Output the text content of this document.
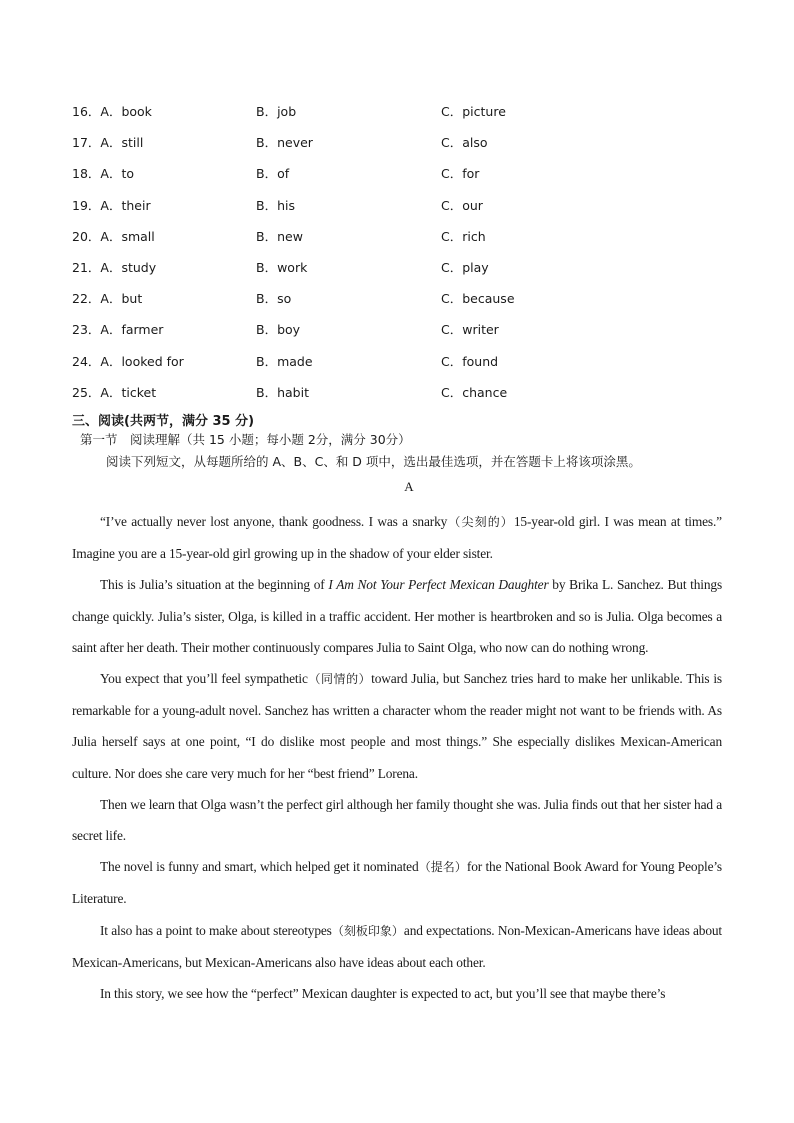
16．A．book	B．job	C．picture
17．A．still	B．never	C．also
18．A．to	B．of	C．for
19．A．their	B．his	C．our
20．A．small	B．new	C．rich
21．A．study	B．work	C．play
22．A．but	B．so	C．because
23．A．farmer	B．boy	C．writer
24．A．looked for	B．made	C．found
25．A．ticket	B．habit	C．chance
三、阅读(共两节，满分 35 分)
第一节　阅读理解（共 15 小题；每小题 2分，满分 30分）
阅读下列短文，从每题所给的 A、B、C、和 D 项中，选出最佳选项，并在答题卡上将该项涂黑。
A

“I’ve actually never lost anyone, thank goodness. I was a snarky（尖刻的）15-year-old girl. I was mean at times.” Imagine you are a 15-year-old girl growing up in the shadow of your elder sister.

This is Julia’s situation at the beginning of I Am Not Your Perfect Mexican Daughter by Brika L. Sanchez. But things change quickly. Julia’s sister, Olga, is killed in a traffic accident. Her mother is heartbroken and so is Julia. Olga becomes a saint after her death. Their mother continuously compares Julia to Saint Olga, who now can do nothing wrong.

You expect that you’ll feel sympathetic（同情的）toward Julia, but Sanchez tries hard to make her unlikable. This is remarkable for a young-adult novel. Sanchez has written a character whom the reader might not want to be friends with. As Julia herself says at one point, “I do dislike most people and most things.” She especially dislikes Mexican-American culture. Nor does she care very much for her “best friend” Lorena.

Then we learn that Olga wasn’t the perfect girl although her family thought she was. Julia finds out that her sister had a secret life.

The novel is funny and smart, which helped get it nominated（提名）for the National Book Award for Young People’s Literature.

It also has a point to make about stereotypes（刻板印象）and expectations. Non-Mexican-Americans have ideas about Mexican-Americans, but Mexican-Americans also have ideas about each other.

In this story, we see how the “perfect” Mexican daughter is expected to act, but you’ll see that maybe there’s
